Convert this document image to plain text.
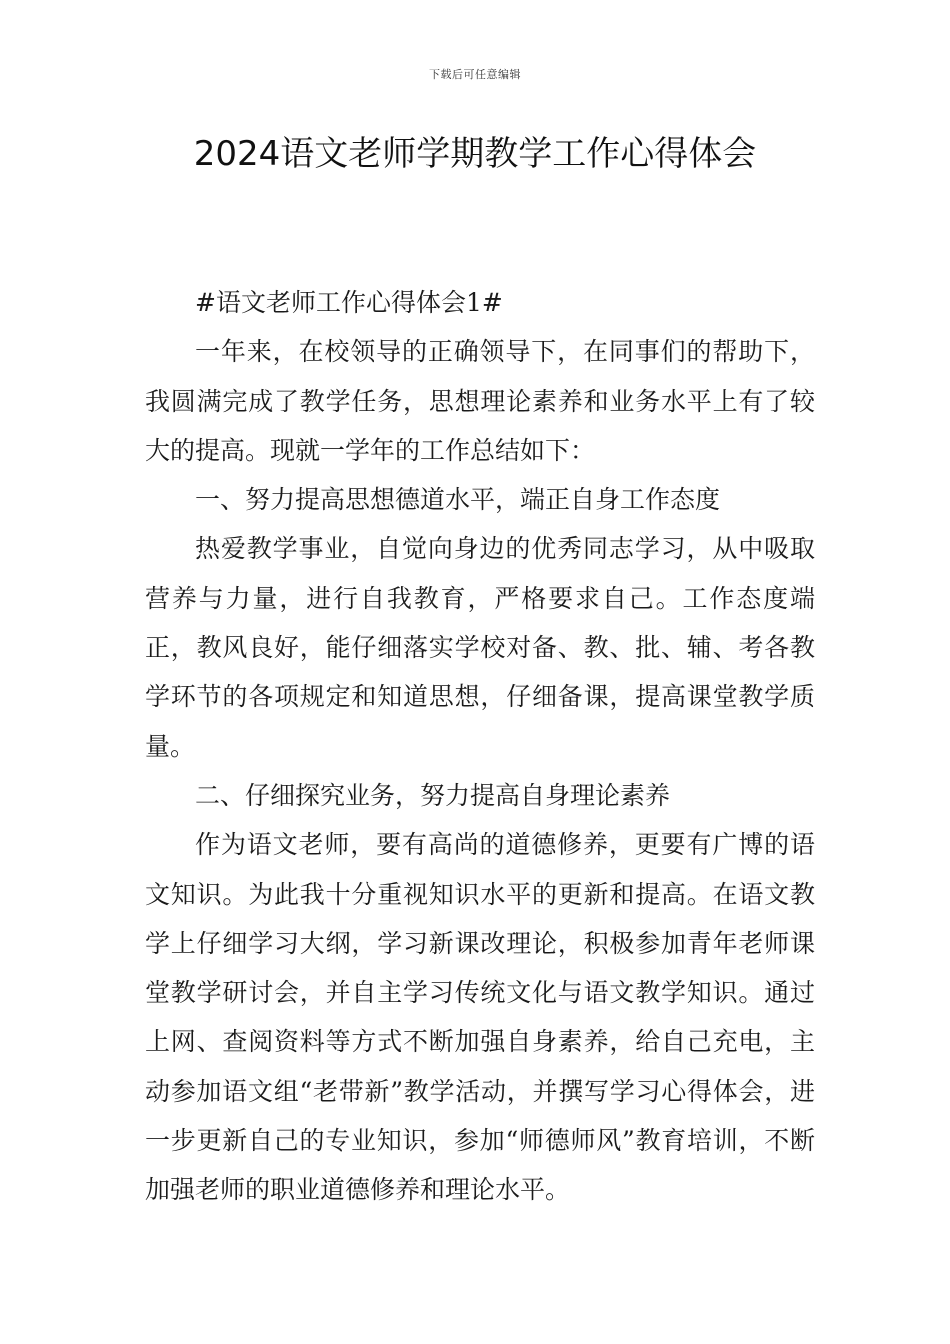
下载后可任意编辑
2024语文老师学期教学工作心得体会

#语文老师工作心得体会1#

一年来，在校领导的正确领导下，在同事们的帮助下，我圆满完成了教学任务，思想理论素养和业务水平上有了较大的提高。现就一学年的工作总结如下：

一、努力提高思想德道水平，端正自身工作态度

热爱教学事业，自觉向身边的优秀同志学习，从中吸取营养与力量，进行自我教育，严格要求自己。工作态度端正，教风良好，能仔细落实学校对备、教、批、辅、考各教学环节的各项规定和知道思想，仔细备课，提高课堂教学质量。

二、仔细探究业务，努力提高自身理论素养

作为语文老师，要有高尚的道德修养，更要有广博的语文知识。为此我十分重视知识水平的更新和提高。在语文教学上仔细学习大纲，学习新课改理论，积极参加青年老师课堂教学研讨会，并自主学习传统文化与语文教学知识。通过上网、查阅资料等方式不断加强自身素养，给自己充电，主动参加语文组“老带新”教学活动，并撰写学习心得体会，进一步更新自己的专业知识，参加“师德师风”教育培训，不断加强老师的职业道德修养和理论水平。
